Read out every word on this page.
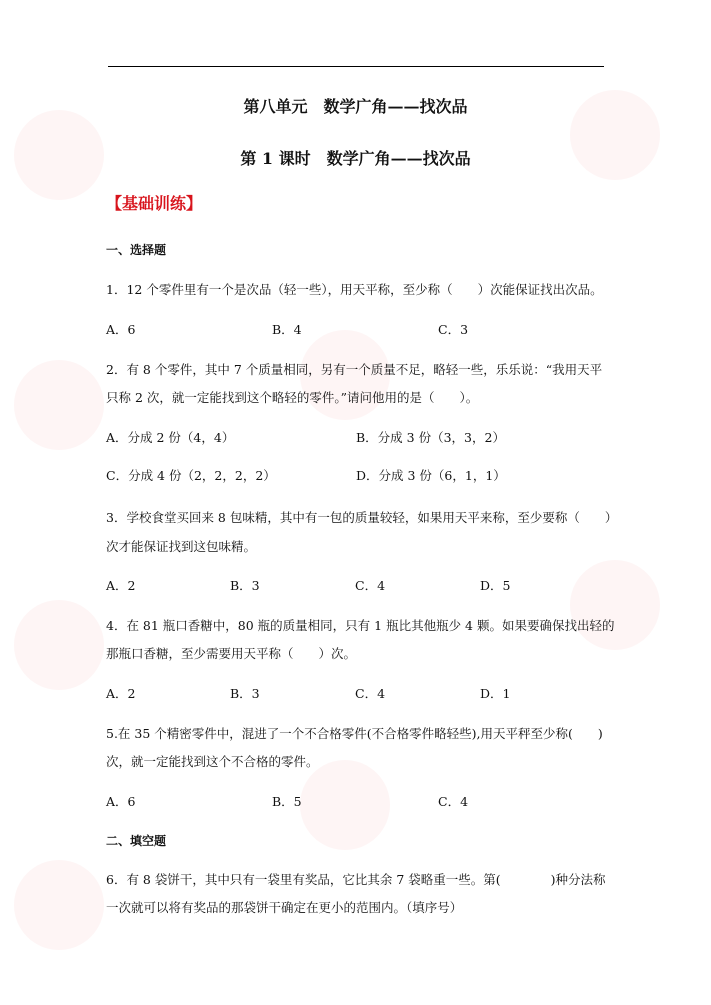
第八单元　数学广角——找次品
第 1 课时　数学广角——找次品
【基础训练】
一、选择题
1．12 个零件里有一个是次品（轻一些），用天平称，至少称（　　）次能保证找出次品。
A．6	B．4	C．3
2．有 8 个零件，其中 7 个质量相同，另有一个质量不足，略轻一些，乐乐说：“我用天平
只称 2 次，就一定能找到这个略轻的零件。”请问他用的是（　　）。
A．分成 2 份（4，4）	B．分成 3 份（3，3，2）
C．分成 4 份（2，2，2，2）	D．分成 3 份（6，1，1）
3．学校食堂买回来 8 包味精，其中有一包的质量较轻，如果用天平来称，至少要称（　　）
次才能保证找到这包味精。
A．2	B．3	C．4	D．5
4．在 81 瓶口香糖中，80 瓶的质量相同，只有 1 瓶比其他瓶少 4 颗。如果要确保找出轻的
那瓶口香糖，至少需要用天平称（　　）次。
A．2	B．3	C．4	D．1
5.在 35 个精密零件中，混进了一个不合格零件(不合格零件略轻些),用天平秤至少称(　　)
次，就一定能找到这个不合格的零件。
A．6	B．5	C．4
二、填空题
6．有 8 袋饼干，其中只有一袋里有奖品，它比其余 7 袋略重一些。第(　　　　)种分法称
一次就可以将有奖品的那袋饼干确定在更小的范围内。（填序号）
